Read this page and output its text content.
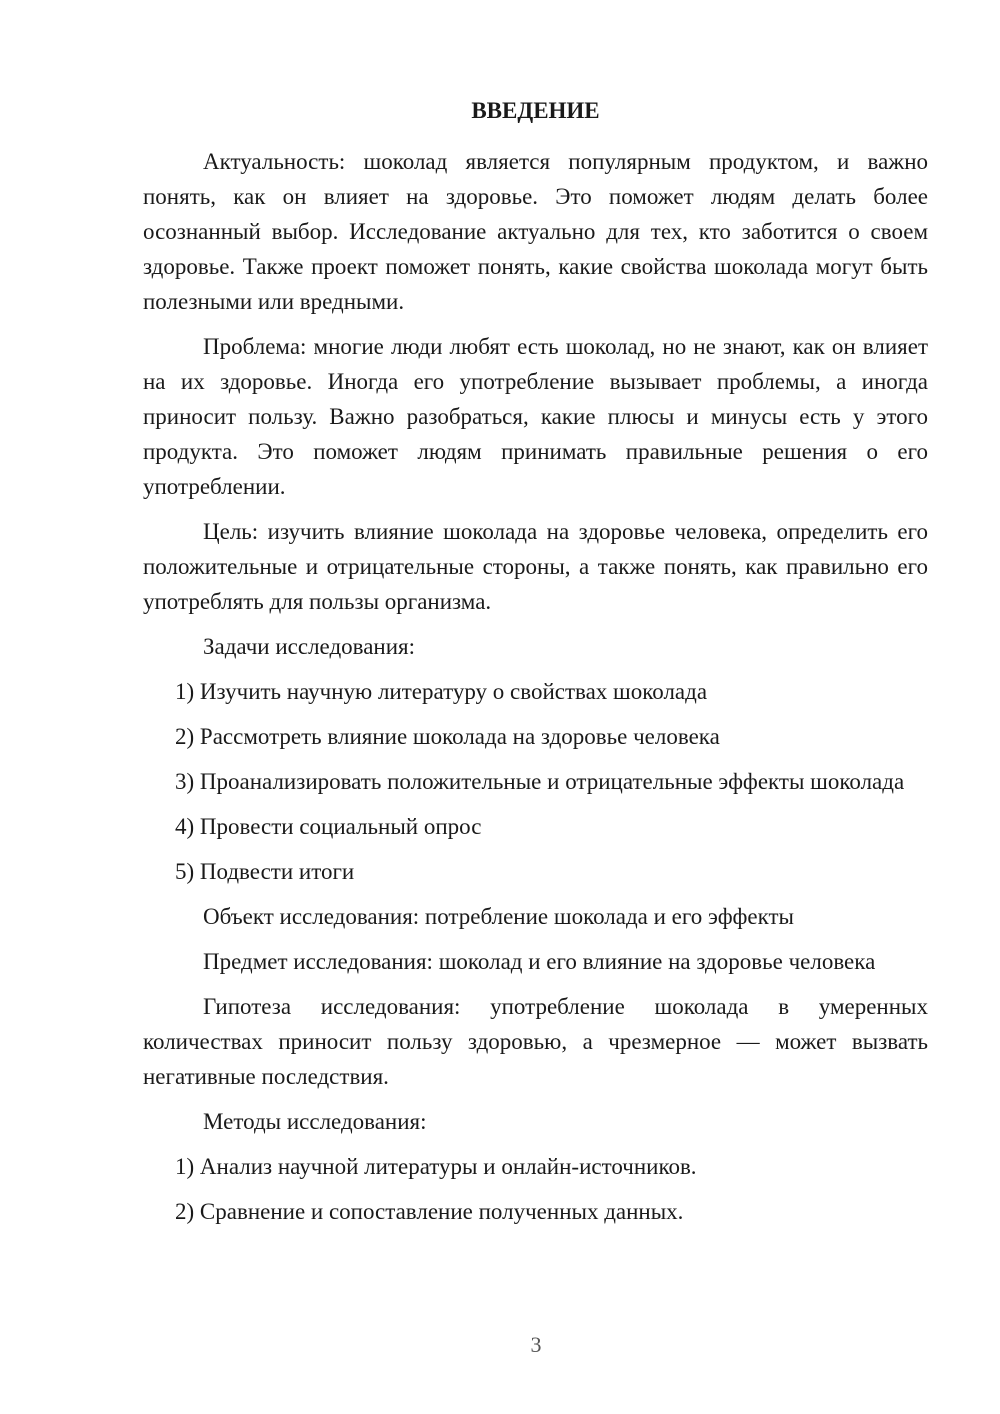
ВВЕДЕНИЕ

Актуальность: шоколад является популярным продуктом, и важно понять, как он влияет на здоровье. Это поможет людям делать более осознанный выбор. Исследование актуально для тех, кто заботится о своем здоровье. Также проект поможет понять, какие свойства шоколада могут быть полезными или вредными.

Проблема: многие люди любят есть шоколад, но не знают, как он влияет на их здоровье. Иногда его употребление вызывает проблемы, а иногда приносит пользу. Важно разобраться, какие плюсы и минусы есть у этого продукта. Это поможет людям принимать правильные решения о его употреблении.

Цель: изучить влияние шоколада на здоровье человека, определить его положительные и отрицательные стороны, а также понять, как правильно его употреблять для пользы организма.

Задачи исследования:

1) Изучить научную литературу о свойствах шоколада

2) Рассмотреть влияние шоколада на здоровье человека

3) Проанализировать положительные и отрицательные эффекты шоколада

4) Провести социальный опрос

5) Подвести итоги

Объект исследования: потребление шоколада и его эффекты

Предмет исследования: шоколад и его влияние на здоровье человека

Гипотеза исследования: употребление шоколада в умеренных количествах приносит пользу здоровью, а чрезмерное — может вызвать негативные последствия.

Методы исследования:

1) Анализ научной литературы и онлайн-источников.

2) Сравнение и сопоставление полученных данных.

3
